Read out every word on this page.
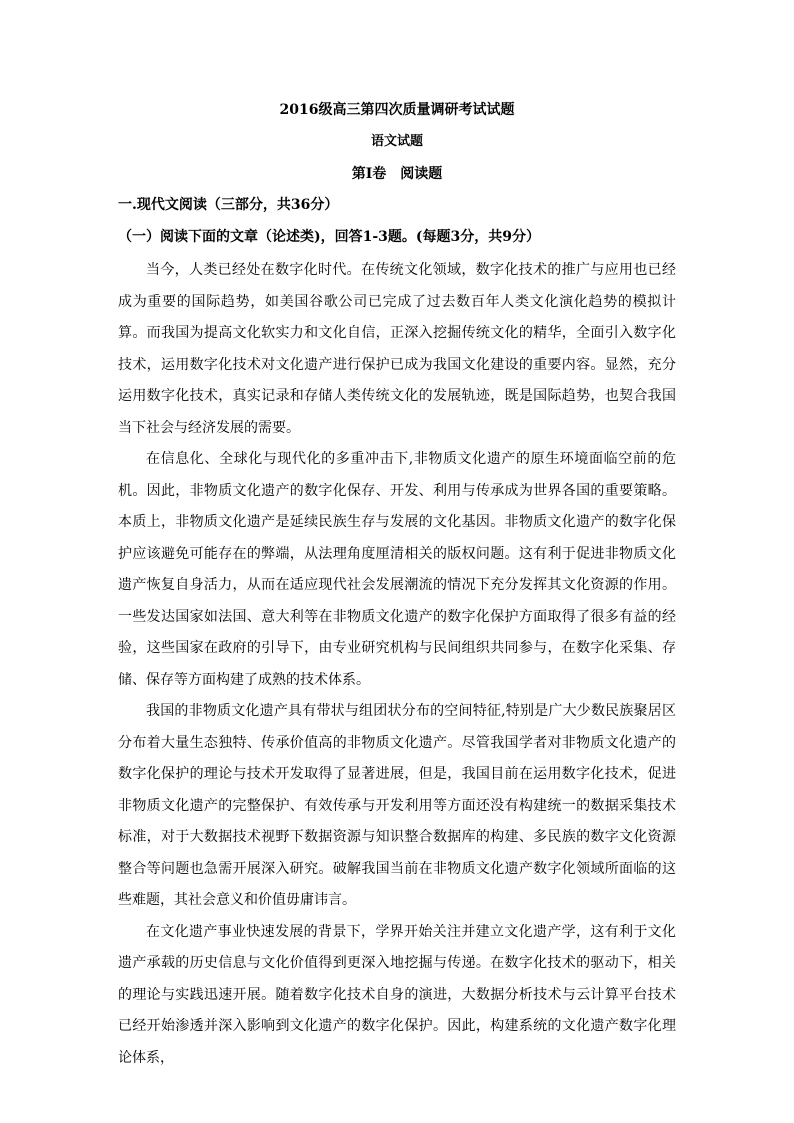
2016级高三第四次质量调研考试试题

语文试题

第Ⅰ卷　阅读题

一.现代文阅读（三部分，共36分）

（一）阅读下面的文章（论述类)，回答1-3题。(每题3分，共9分）

当今，人类已经处在数字化时代。在传统文化领域，数字化技术的推广与应用也已经成为重要的国际趋势，如美国谷歌公司已完成了过去数百年人类文化演化趋势的模拟计算。而我国为提高文化软实力和文化自信，正深入挖掘传统文化的精华，全面引入数字化技术，运用数字化技术对文化遗产进行保护已成为我国文化建设的重要内容。显然，充分运用数字化技术，真实记录和存储人类传统文化的发展轨迹，既是国际趋势，也契合我国当下社会与经济发展的需要。

在信息化、全球化与现代化的多重冲击下,非物质文化遗产的原生环境面临空前的危机。因此，非物质文化遗产的数字化保存、开发、利用与传承成为世界各国的重要策略。本质上，非物质文化遗产是延续民族生存与发展的文化基因。非物质文化遗产的数字化保护应该避免可能存在的弊端，从法理角度厘清相关的版权问题。这有利于促进非物质文化遗产恢复自身活力，从而在适应现代社会发展潮流的情况下充分发挥其文化资源的作用。一些发达国家如法国、意大利等在非物质文化遗产的数字化保护方面取得了很多有益的经验，这些国家在政府的引导下，由专业研究机构与民间组织共同参与，在数字化采集、存储、保存等方面构建了成熟的技术体系。

我国的非物质文化遗产具有带状与组团状分布的空间特征,特别是广大少数民族聚居区分布着大量生态独特、传承价值高的非物质文化遗产。尽管我国学者对非物质文化遗产的数字化保护的理论与技术开发取得了显著进展，但是，我国目前在运用数字化技术，促进非物质文化遗产的完整保护、有效传承与开发利用等方面还没有构建统一的数据采集技术标准，对于大数据技术视野下数据资源与知识整合数据库的构建、多民族的数字文化资源整合等问题也急需开展深入研究。破解我国当前在非物质文化遗产数字化领域所面临的这些难题，其社会意义和价值毋庸讳言。

在文化遗产事业快速发展的背景下，学界开始关注并建立文化遗产学，这有利于文化遗产承载的历史信息与文化价值得到更深入地挖掘与传递。在数字化技术的驱动下，相关的理论与实践迅速开展。随着数字化技术自身的演进，大数据分析技术与云计算平台技术已经开始渗透并深入影响到文化遗产的数字化保护。因此，构建系统的文化遗产数字化理论体系，
